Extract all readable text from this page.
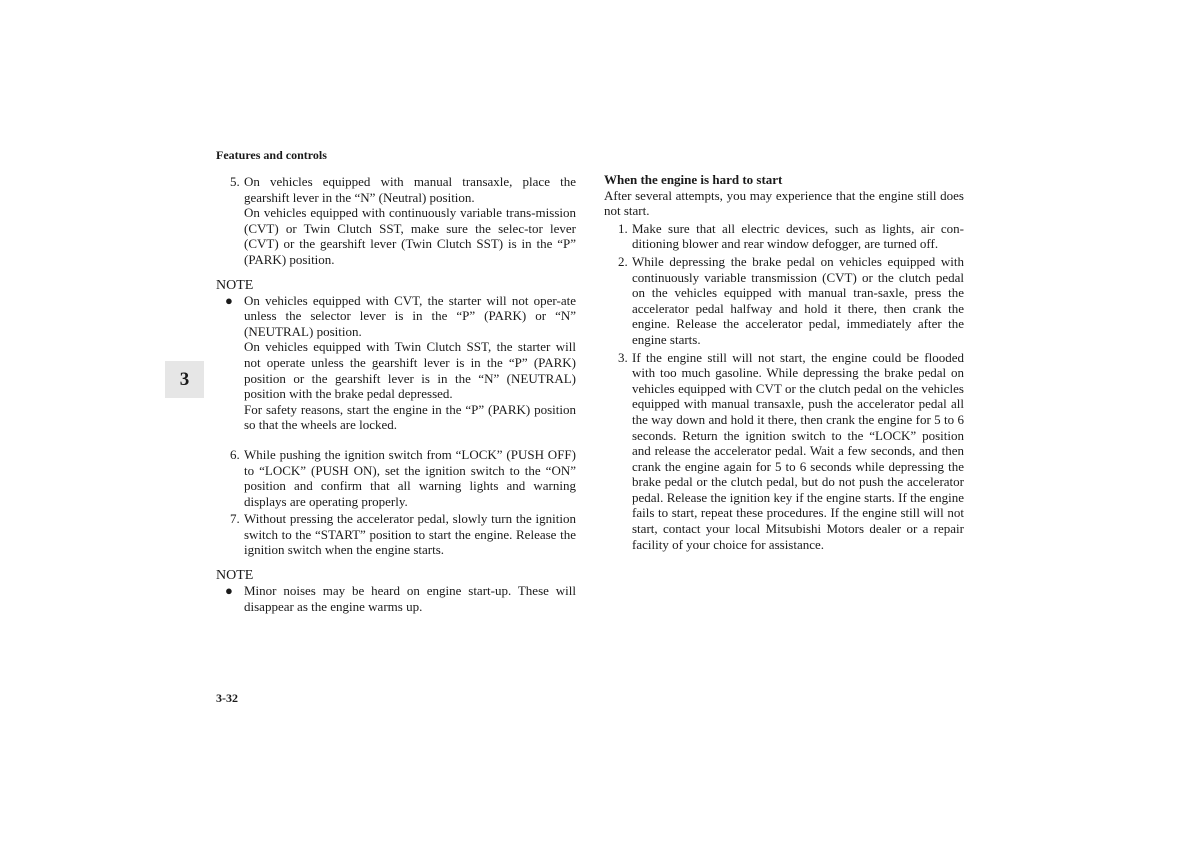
Features and controls
3
5. On vehicles equipped with manual transaxle, place the gearshift lever in the “N” (Neutral) position.

On vehicles equipped with continuously variable trans-mission (CVT) or Twin Clutch SST, make sure the selec-tor lever (CVT) or the gearshift lever (Twin Clutch SST) is in the “P” (PARK) position.

NOTE
● On vehicles equipped with CVT, the starter will not oper-ate unless the selector lever is in the “P” (PARK) or “N” (NEUTRAL) position.

On vehicles equipped with Twin Clutch SST, the starter will not operate unless the gearshift lever is in the “P” (PARK) position or the gearshift lever is in the “N” (NEUTRAL) position with the brake pedal depressed.

For safety reasons, start the engine in the “P” (PARK) position so that the wheels are locked.

6. While pushing the ignition switch from “LOCK” (PUSH OFF) to “LOCK” (PUSH ON), set the ignition switch to the “ON” position and confirm that all warning lights and warning displays are operating properly.
7. Without pressing the accelerator pedal, slowly turn the ignition switch to the “START” position to start the engine. Release the ignition switch when the engine starts.
NOTE
● Minor noises may be heard on engine start-up. These will disappear as the engine warms up.
When the engine is hard to start
After several attempts, you may experience that the engine still does not start.
1. Make sure that all electric devices, such as lights, air con-ditioning blower and rear window defogger, are turned off.
2. While depressing the brake pedal on vehicles equipped with continuously variable transmission (CVT) or the clutch pedal on the vehicles equipped with manual tran-saxle, press the accelerator pedal halfway and hold it there, then crank the engine. Release the accelerator pedal, immediately after the engine starts.
3. If the engine still will not start, the engine could be flooded with too much gasoline. While depressing the brake pedal on vehicles equipped with CVT or the clutch pedal on the vehicles equipped with manual transaxle, push the accelerator pedal all the way down and hold it there, then crank the engine for 5 to 6 seconds. Return the ignition switch to the “LOCK” position and release the accelerator pedal. Wait a few seconds, and then crank the engine again for 5 to 6 seconds while depressing the brake pedal or the clutch pedal, but do not push the accelerator pedal. Release the ignition key if the engine starts. If the engine fails to start, repeat these procedures. If the engine still will not start, contact your local Mitsubishi Motors dealer or a repair facility of your choice for assistance.
3-32
